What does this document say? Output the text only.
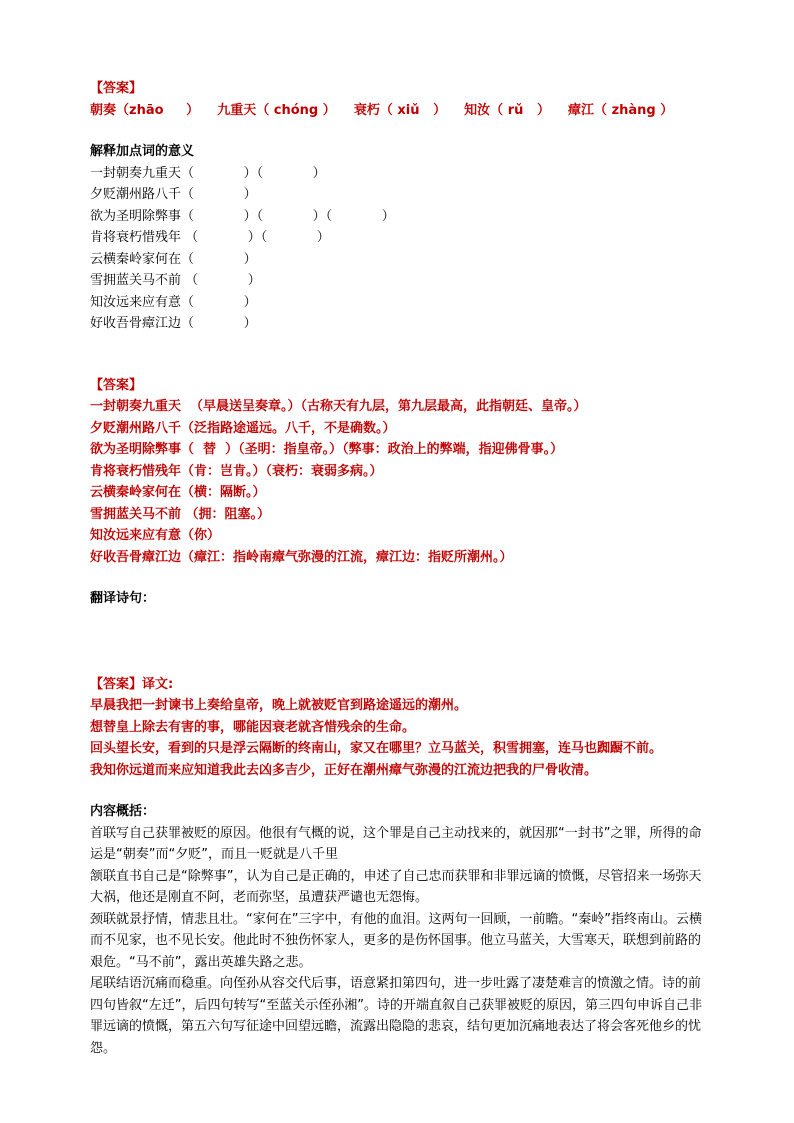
【答案】
朝奏（zhāo     ）    九重天（ chóng ）    衰朽（ xiǔ   ）    知汝（ rǔ   ）    瘴江（ zhàng ）
解释加点词的意义
一封朝奏九重天（            ）（            ）
夕贬潮州路八千（            ）
欲为圣明除弊事（            ）（            ）（            ）
肯将衰朽惜残年 （            ）（            ）
云横秦岭家何在（            ）
雪拥蓝关马不前 （            ）
知汝远来应有意（            ）
好收吾骨瘴江边（            ）
【答案】
一封朝奏九重天  （早晨送呈奏章。）（古称天有九层，第九层最高，此指朝廷、皇帝。）
夕贬潮州路八千（泛指路途遥远。八千，不是确数。）
欲为圣明除弊事（  替  ）（圣明：指皇帝。）（弊事：政治上的弊端，指迎佛骨事。）
肯将衰朽惜残年（肯：岂肯。）（衰朽：衰弱多病。）
云横秦岭家何在（横：隔断。）
雪拥蓝关马不前 （拥：阻塞。）
知汝远来应有意（你）
好收吾骨瘴江边（瘴江：指岭南瘴气弥漫的江流，瘴江边：指贬所潮州。）
翻译诗句：
【答案】译文:
早晨我把一封谏书上奏给皇帝，晚上就被贬官到路途遥远的潮州。
想替皇上除去有害的事，哪能因衰老就吝惜残余的生命。
回头望长安，看到的只是浮云隔断的终南山，家又在哪里？立马蓝关，积雪拥塞，连马也踟蹰不前。
我知你远道而来应知道我此去凶多吉少，正好在潮州瘴气弥漫的江流边把我的尸骨收清。
内容概括：
首联写自己获罪被贬的原因。他很有气概的说，这个罪是自己主动找来的，就因那“一封书”之罪，所得的命运是“朝奏”而“夕贬”，而且一贬就是八千里
颔联直书自己是“除弊事”，认为自己是正确的，申述了自己忠而获罪和非罪远谪的愤慨，尽管招来一场弥天大祸，他还是刚直不阿，老而弥坚，虽遭获严谴也无怨悔。
颈联就景抒情，情悲且壮。“家何在”三字中，有他的血泪。这两句一回顾，一前瞻。“秦岭”指终南山。云横而不见家，也不见长安。他此时不独伤怀家人，更多的是伤怀国事。他立马蓝关，大雪寒天，联想到前路的艰危。“马不前”，露出英雄失路之悲。
尾联结语沉痛而稳重。向侄孙从容交代后事，语意紧扣第四句，进一步吐露了凄楚难言的愤激之情。诗的前四句皆叙“左迁”，后四句转写“至蓝关示侄孙湘”。诗的开端直叙自己获罪被贬的原因，第三四句申诉自己非罪远谪的愤慨，第五六句写征途中回望远瞻，流露出隐隐的悲哀，结句更加沉痛地表达了将会客死他乡的忧怨。
